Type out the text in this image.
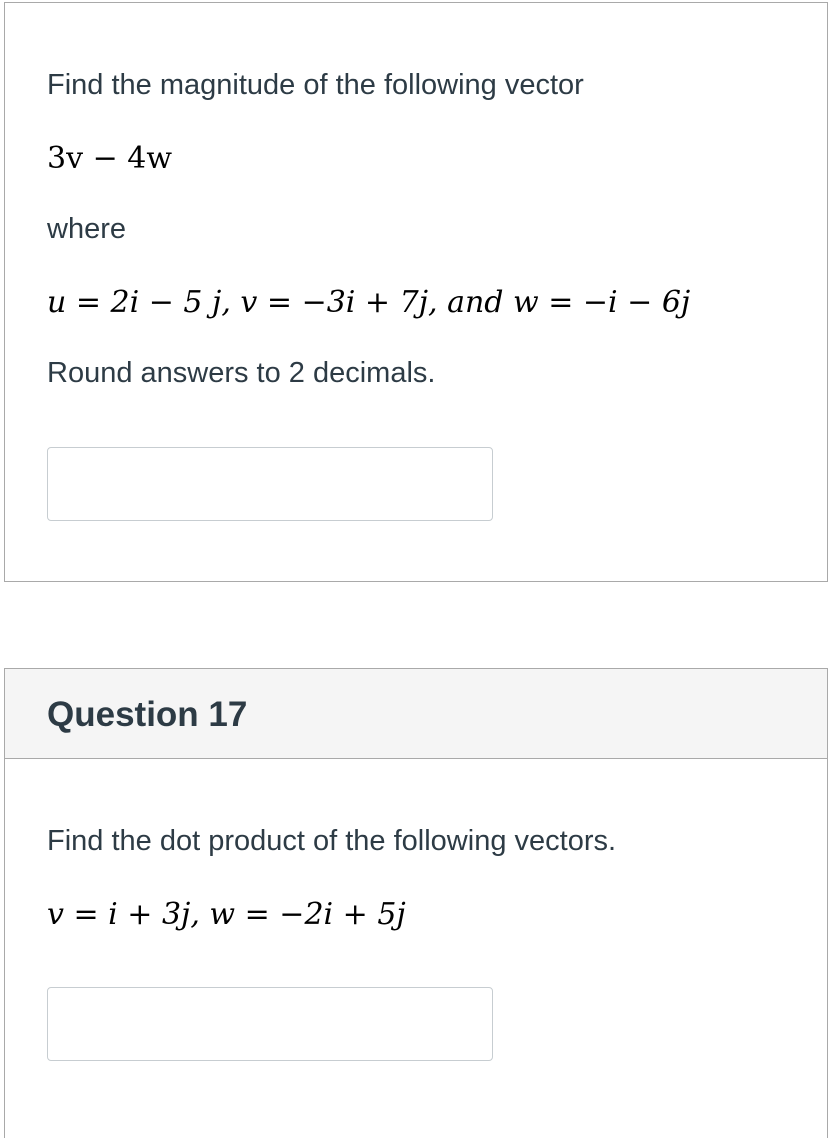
Find the magnitude of the following vector
3v − 4w
where
u = 2i − 5 j, v = −3i + 7j, and w = −i − 6j
Round answers to 2 decimals.
Question 17
Find the dot product of the following vectors.
v = i + 3j, w = −2i + 5j
